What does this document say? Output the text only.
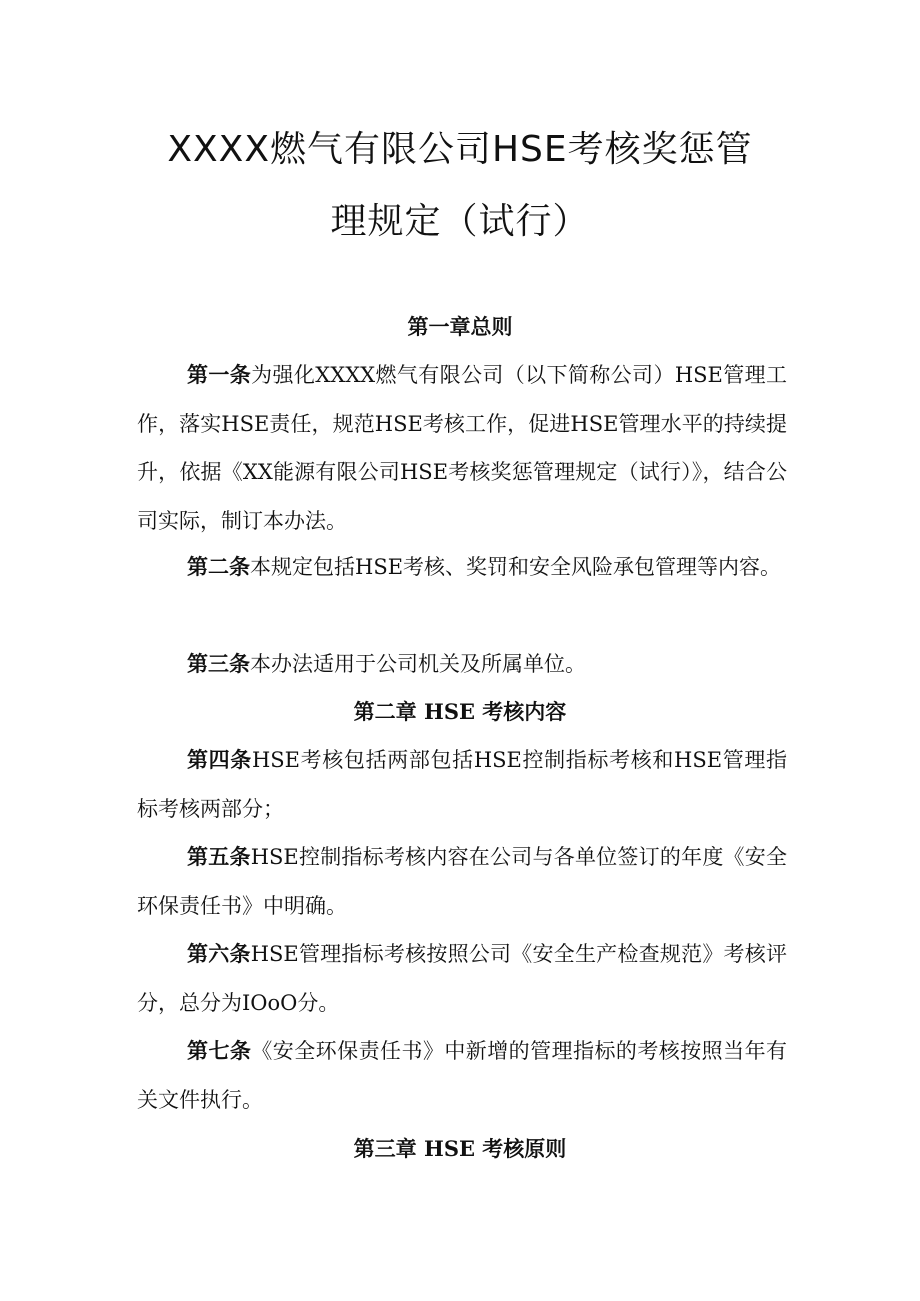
XXXX燃气有限公司HSE考核奖惩管
理规定（试行）
第一章总则

第一条为强化XXXX燃气有限公司（以下简称公司）HSE管理工作，落实HSE责任，规范HSE考核工作，促进HSE管理水平的持续提升，依据《XX能源有限公司HSE考核奖惩管理规定（试行）》，结合公司实际，制订本办法。

第二条本规定包括HSE考核、奖罚和安全风险承包管理等内容。

第三条本办法适用于公司机关及所属单位。

第二章 HSE 考核内容

第四条HSE考核包括两部包括HSE控制指标考核和HSE管理指标考核两部分；

第五条HSE控制指标考核内容在公司与各单位签订的年度《安全环保责任书》中明确。

第六条HSE管理指标考核按照公司《安全生产检查规范》考核评分，总分为IOoO分。

第七条《安全环保责任书》中新增的管理指标的考核按照当年有关文件执行。

第三章 HSE 考核原则
